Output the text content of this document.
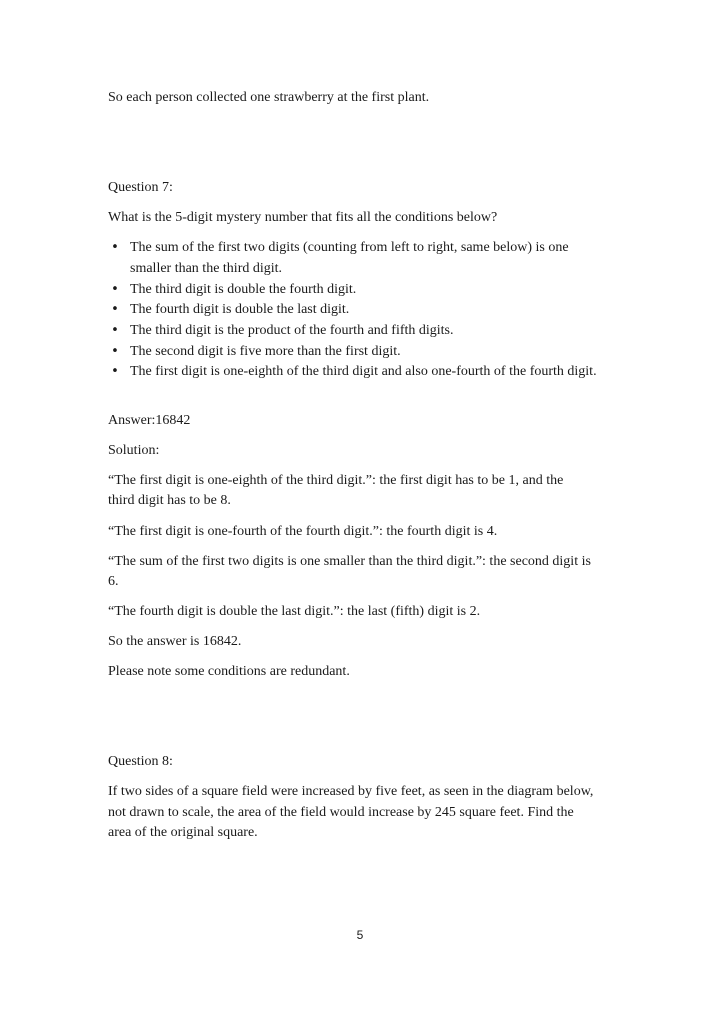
So each person collected one strawberry at the first plant.

Question 7:

What is the 5-digit mystery number that fits all the conditions below?

• The sum of the first two digits (counting from left to right, same below) is one smaller than the third digit.
• The third digit is double the fourth digit.
• The fourth digit is double the last digit.
• The third digit is the product of the fourth and fifth digits.
• The second digit is five more than the first digit.
• The first digit is one-eighth of the third digit and also one-fourth of the fourth digit.

Answer:16842

Solution:

“The first digit is one-eighth of the third digit.”: the first digit has to be 1, and the

third digit has to be 8.

“The first digit is one-fourth of the fourth digit.”: the fourth digit is 4.

“The sum of the first two digits is one smaller than the third digit.”: the second digit is

6.

“The fourth digit is double the last digit.”: the last (fifth) digit is 2.

So the answer is 16842.

Please note some conditions are redundant.

Question 8:

If two sides of a square field were increased by five feet, as seen in the diagram below,

not drawn to scale, the area of the field would increase by 245 square feet. Find the

area of the original square.

5
